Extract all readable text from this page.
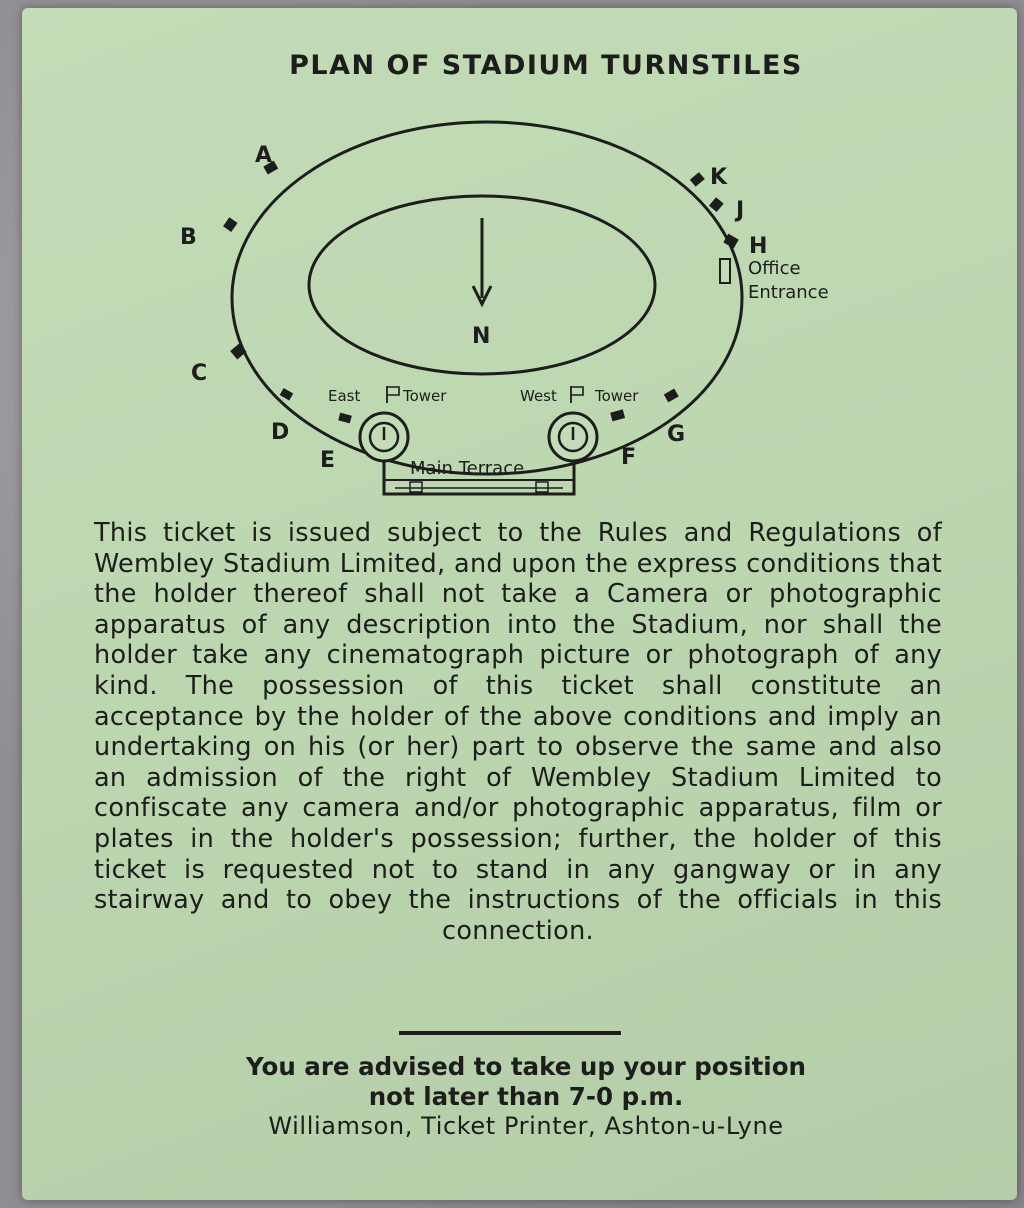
PLAN OF STADIUM TURNSTILES
N
Office
Entrance
A
B
C
D
E	F
G
H
J
K
East	Tower	West	Tower
Main Terrace
This ticket is issued subject to the Rules and Regulations of Wembley Stadium Limited, and upon the express conditions that the holder thereof shall not take a Camera or photographic apparatus of any description into the Stadium, nor shall the holder take any cinematograph picture or photograph of any kind. The possession of this ticket shall constitute an acceptance by the holder of the above conditions and imply an undertaking on his (or her) part to observe the same and also an admission of the right of Wembley Stadium Limited to confiscate any camera and/or photographic apparatus, film or plates in the holder's possession; further, the holder of this ticket is requested not to stand in any gangway or in any stairway and to obey the instructions of the officials in this connection.
You are advised to take up your position
not later than 7-0 p.m.
Williamson, Ticket Printer, Ashton-u-Lyne
